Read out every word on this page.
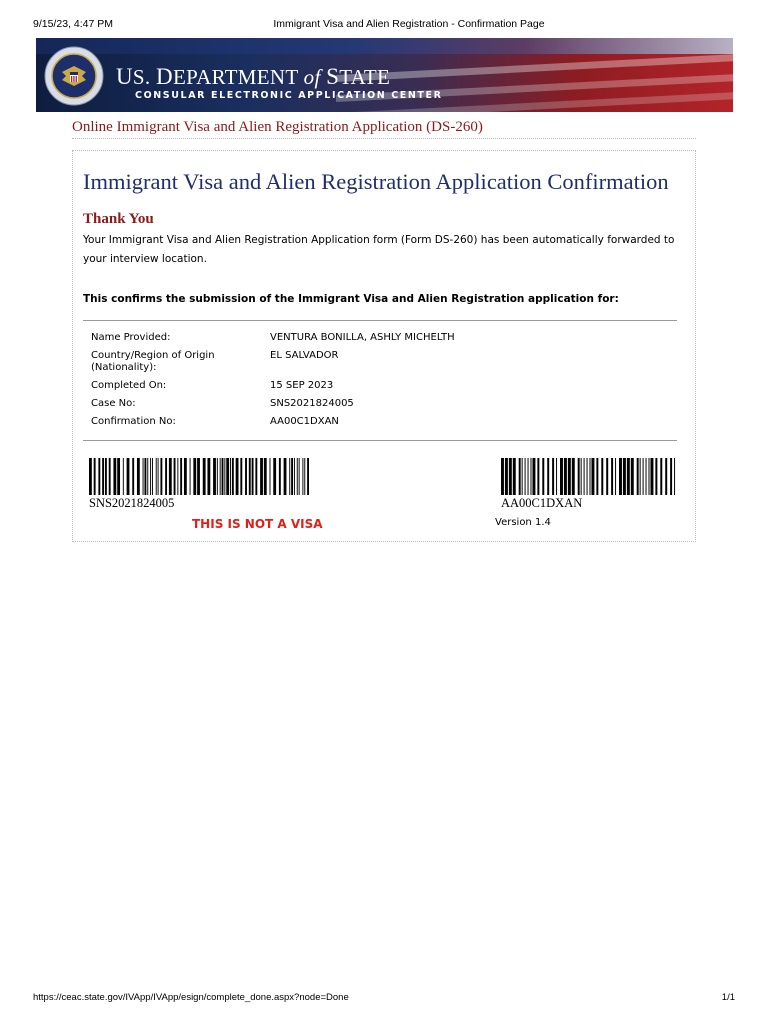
9/15/23, 4:47 PM	Immigrant Visa and Alien Registration - Confirmation Page
US. DEPARTMENT of STATE
CONSULAR ELECTRONIC APPLICATION CENTER
Online Immigrant Visa and Alien Registration Application (DS-260)
Immigrant Visa and Alien Registration Application Confirmation
Thank You
Your Immigrant Visa and Alien Registration Application form (Form DS-260) has been automatically forwarded to your interview location.
This confirms the submission of the Immigrant Visa and Alien Registration application for:
Name Provided:	VENTURA BONILLA, ASHLY MICHELTH
Country/Region of Origin
(Nationality):
EL SALVADOR
Completed On:	15 SEP 2023
Case No:	SNS2021824005
Confirmation No:	AA00C1DXAN
SNS2021824005	AA00C1DXAN
THIS IS NOT A VISA	Version 1.4
https://ceac.state.gov/IVApp/IVApp/esign/complete_done.aspx?node=Done	1/1
